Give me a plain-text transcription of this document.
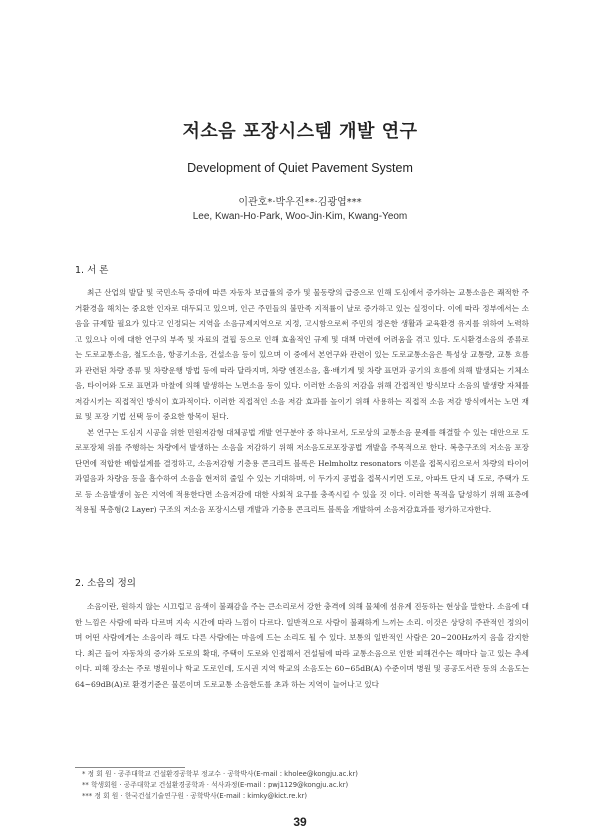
저소음 포장시스템 개발 연구
Development of Quiet Pavement System
이관호*·박우진**·김광엽***
Lee, Kwan-Ho·Park, Woo-Jin·Kim, Kwang-Yeom
1. 서 론

최근 산업의 발달 및 국민소득 증대에 따른 자동차 보급률의 증가 및 물동량의 급증으로 인해 도심에서 증가하는 교통소음은 쾌적한 주거환경을 해치는 중요한 인자로 대두되고 있으며, 인근 주민들의 불만족 지적률이 날로 증가하고 있는 실정이다. 이에 따라 정부에서는 소음을 규제할 필요가 있다고 인정되는 지역을 소음규제지역으로 지정, 고시함으로써 주민의 정온한 생활과 교육환경 유지를 위하여 노력하고 있으나 이에 대한 연구의 부족 및 자료의 결핍 등으로 인해 효율적인 규제 및 대책 마련에 어려움을 겪고 있다. 도시환경소음의 종류로는 도로교통소음, 철도소음, 항공기소음, 건설소음 등이 있으며 이 중에서 본연구와 관련이 있는 도로교통소음은 특성상 교통량, 교통 흐름과 관련된 차량 종류 및 차량운행 방법 등에 따라 달라지며, 차량 엔진소음, 흡·배기계 및 차량 표면과 공기의 흐름에 의해 발생되는 기체소음, 타이어와 도로 표면과 마찰에 의해 발생하는 노면소음 등이 있다. 이러한 소음의 저감을 위해 간접적인 방식보다 소음의 발생량 자체를 저감시키는 직접적인 방식이 효과적이다. 이러한 직접적인 소음 저감 효과를 높이기 위해 사용하는 직접적 소음 저감 방식에서는 노면 재료 및 포장 기법 선택 등이 중요한 항목이 된다.

본 연구는 도심지 시공을 위한 민원저감형 대체공법 개발 연구분야 중 하나로서, 도로상의 교통소음 문제를 해결할 수 있는 대안으로 도로포장체 위를 주행하는 차량에서 발생하는 소음을 저감하기 위해 저소음도로포장공법 개발을 주목적으로 한다. 복층구조의 저소음 포장단면에 적합한 배합설계를 결정하고, 소음저감형 기층용 콘크리트 블록은 Helmholtz resonators 이론을 접목시킴으로서 차량의 타이어 과열음과 차량음 등을 흡수하여 소음을 현저히 줄일 수 있는 기대하며, 이 두가지 공법을 접목시키면 도로, 아파트 단지 내 도로, 주택가 도로 등 소음발생이 높은 지역에 적용한다면 소음저감에 대한 사회적 요구를 충족시킬 수 있을 것 이다. 이러한 목적을 달성하기 위해 표층에 적용될 복층형(2 Layer) 구조의 저소음 포장시스템 개발과 기층용 콘크리트 블록을 개발하여 소음저감효과를 평가하고자한다.

2. 소음의 정의

소음이란, 원하지 않는 시끄럽고 음색이 불쾌감을 주는 큰소리로서 강한 충격에 의해 물체에 섬유계 진동하는 현상을 말한다. 소음에 대한 느낌은 사람에 따라 다르며 지속 시간에 따라 느낌이 다르다. 일반적으로 사람이 불쾌하게 느끼는 소리. 이것은 상당히 주관적인 정의이며 어떤 사람에게는 소음이라 해도 다른 사람에는 마음에 드는 소리도 될 수 있다. 보통의 일반적인 사람은 20~200Hz까지 음을 감지한다. 최근 들어 자동차의 증가와 도로의 확대, 주택이 도로와 인접해서 건설됨에 따라 교통소음으로 인한 피해건수는 해마다 늘고 있는 추세이다. 피해 장소는 주로 병원이나 학교 도로인데, 도시권 지역 학교의 소음도는 60~65dB(A) 수준이며 병원 및 공공도서관 등의 소음도는 64~69dB(A)로 환경기준은 물론이며 도로교통 소음한도를 초과 하는 지역이 늘어나고 있다

* 정 회 원 · 공주대학교 건설환경공학부 정교수 · 공학박사(E-mail : kholee@kongju.ac.kr)
** 학생회원 · 공주대학교 건설환경공학과 · 석사과정(E-mail : pwj1129@kongju.ac.kr)
*** 정 회 원 · 한국건설기술연구원 · 공학박사(E-mail : kimky@kict.re.kr)
39
